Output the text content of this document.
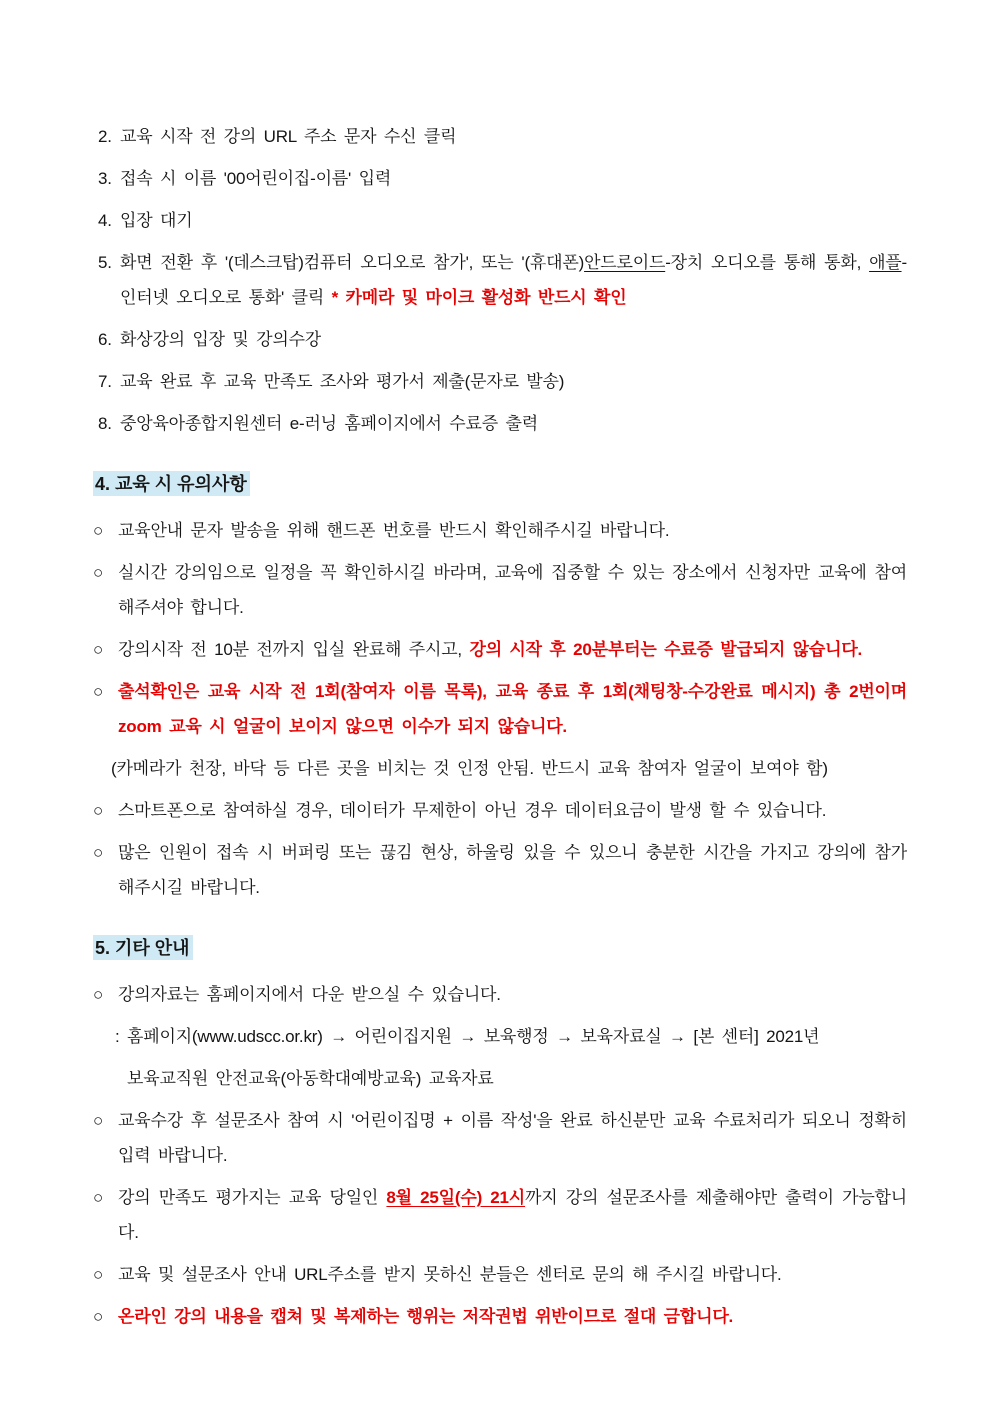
2. 교육 시작 전 강의 URL 주소 문자 수신 클릭
3. 접속 시 이름 '00어린이집-이름' 입력
4. 입장 대기
5. 화면 전환 후 '(데스크탑)컴퓨터 오디오로 참가', 또는 '(휴대폰)안드로이드-장치 오디오를 통해 통화, 애플-인터넷 오디오로 통화' 클릭 * 카메라 및 마이크 활성화 반드시 확인
6. 화상강의 입장 및 강의수강
7. 교육 완료 후 교육 만족도 조사와 평가서 제출(문자로 발송)
8. 중앙육아종합지원센터 e-러닝 홈페이지에서 수료증 출력
4. 교육 시 유의사항
○ 교육안내 문자 발송을 위해 핸드폰 번호를 반드시 확인해주시길 바랍니다.
○ 실시간 강의임으로 일정을 꼭 확인하시길 바라며, 교육에 집중할 수 있는 장소에서 신청자만 교육에 참여해주셔야 합니다.
○ 강의시작 전 10분 전까지 입실 완료해 주시고, 강의 시작 후 20분부터는 수료증 발급되지 않습니다.
○ 출석확인은 교육 시작 전 1회(참여자 이름 목록), 교육 종료 후 1회(채팅창-수강완료 메시지) 총 2번이며 zoom 교육 시 얼굴이 보이지 않으면 이수가 되지 않습니다.
(카메라가 천장, 바닥 등 다른 곳을 비치는 것 인정 안됨. 반드시 교육 참여자 얼굴이 보여야 함)
○ 스마트폰으로 참여하실 경우, 데이터가 무제한이 아닌 경우 데이터요금이 발생 할 수 있습니다.
○ 많은 인원이 접속 시 버퍼링 또는 끊김 현상, 하울링 있을 수 있으니 충분한 시간을 가지고 강의에 참가해주시길 바랍니다.
5. 기타 안내
○ 강의자료는 홈페이지에서 다운 받으실 수 있습니다.
: 홈페이지(www.udscc.or.kr) → 어린이집지원 → 보육행정 → 보육자료실 → [본 센터] 2021년
보육교직원 안전교육(아동학대예방교육) 교육자료
○ 교육수강 후 설문조사 참여 시 '어린이집명 + 이름 작성'을 완료 하신분만 교육 수료처리가 되오니 정확히 입력 바랍니다.
○ 강의 만족도 평가지는 교육 당일인 8월 25일(수) 21시까지 강의 설문조사를 제출해야만 출력이 가능합니다.
○ 교육 및 설문조사 안내 URL주소를 받지 못하신 분들은 센터로 문의 해 주시길 바랍니다.
○ 온라인 강의 내용을 캡쳐 및 복제하는 행위는 저작권법 위반이므로 절대 금합니다.
